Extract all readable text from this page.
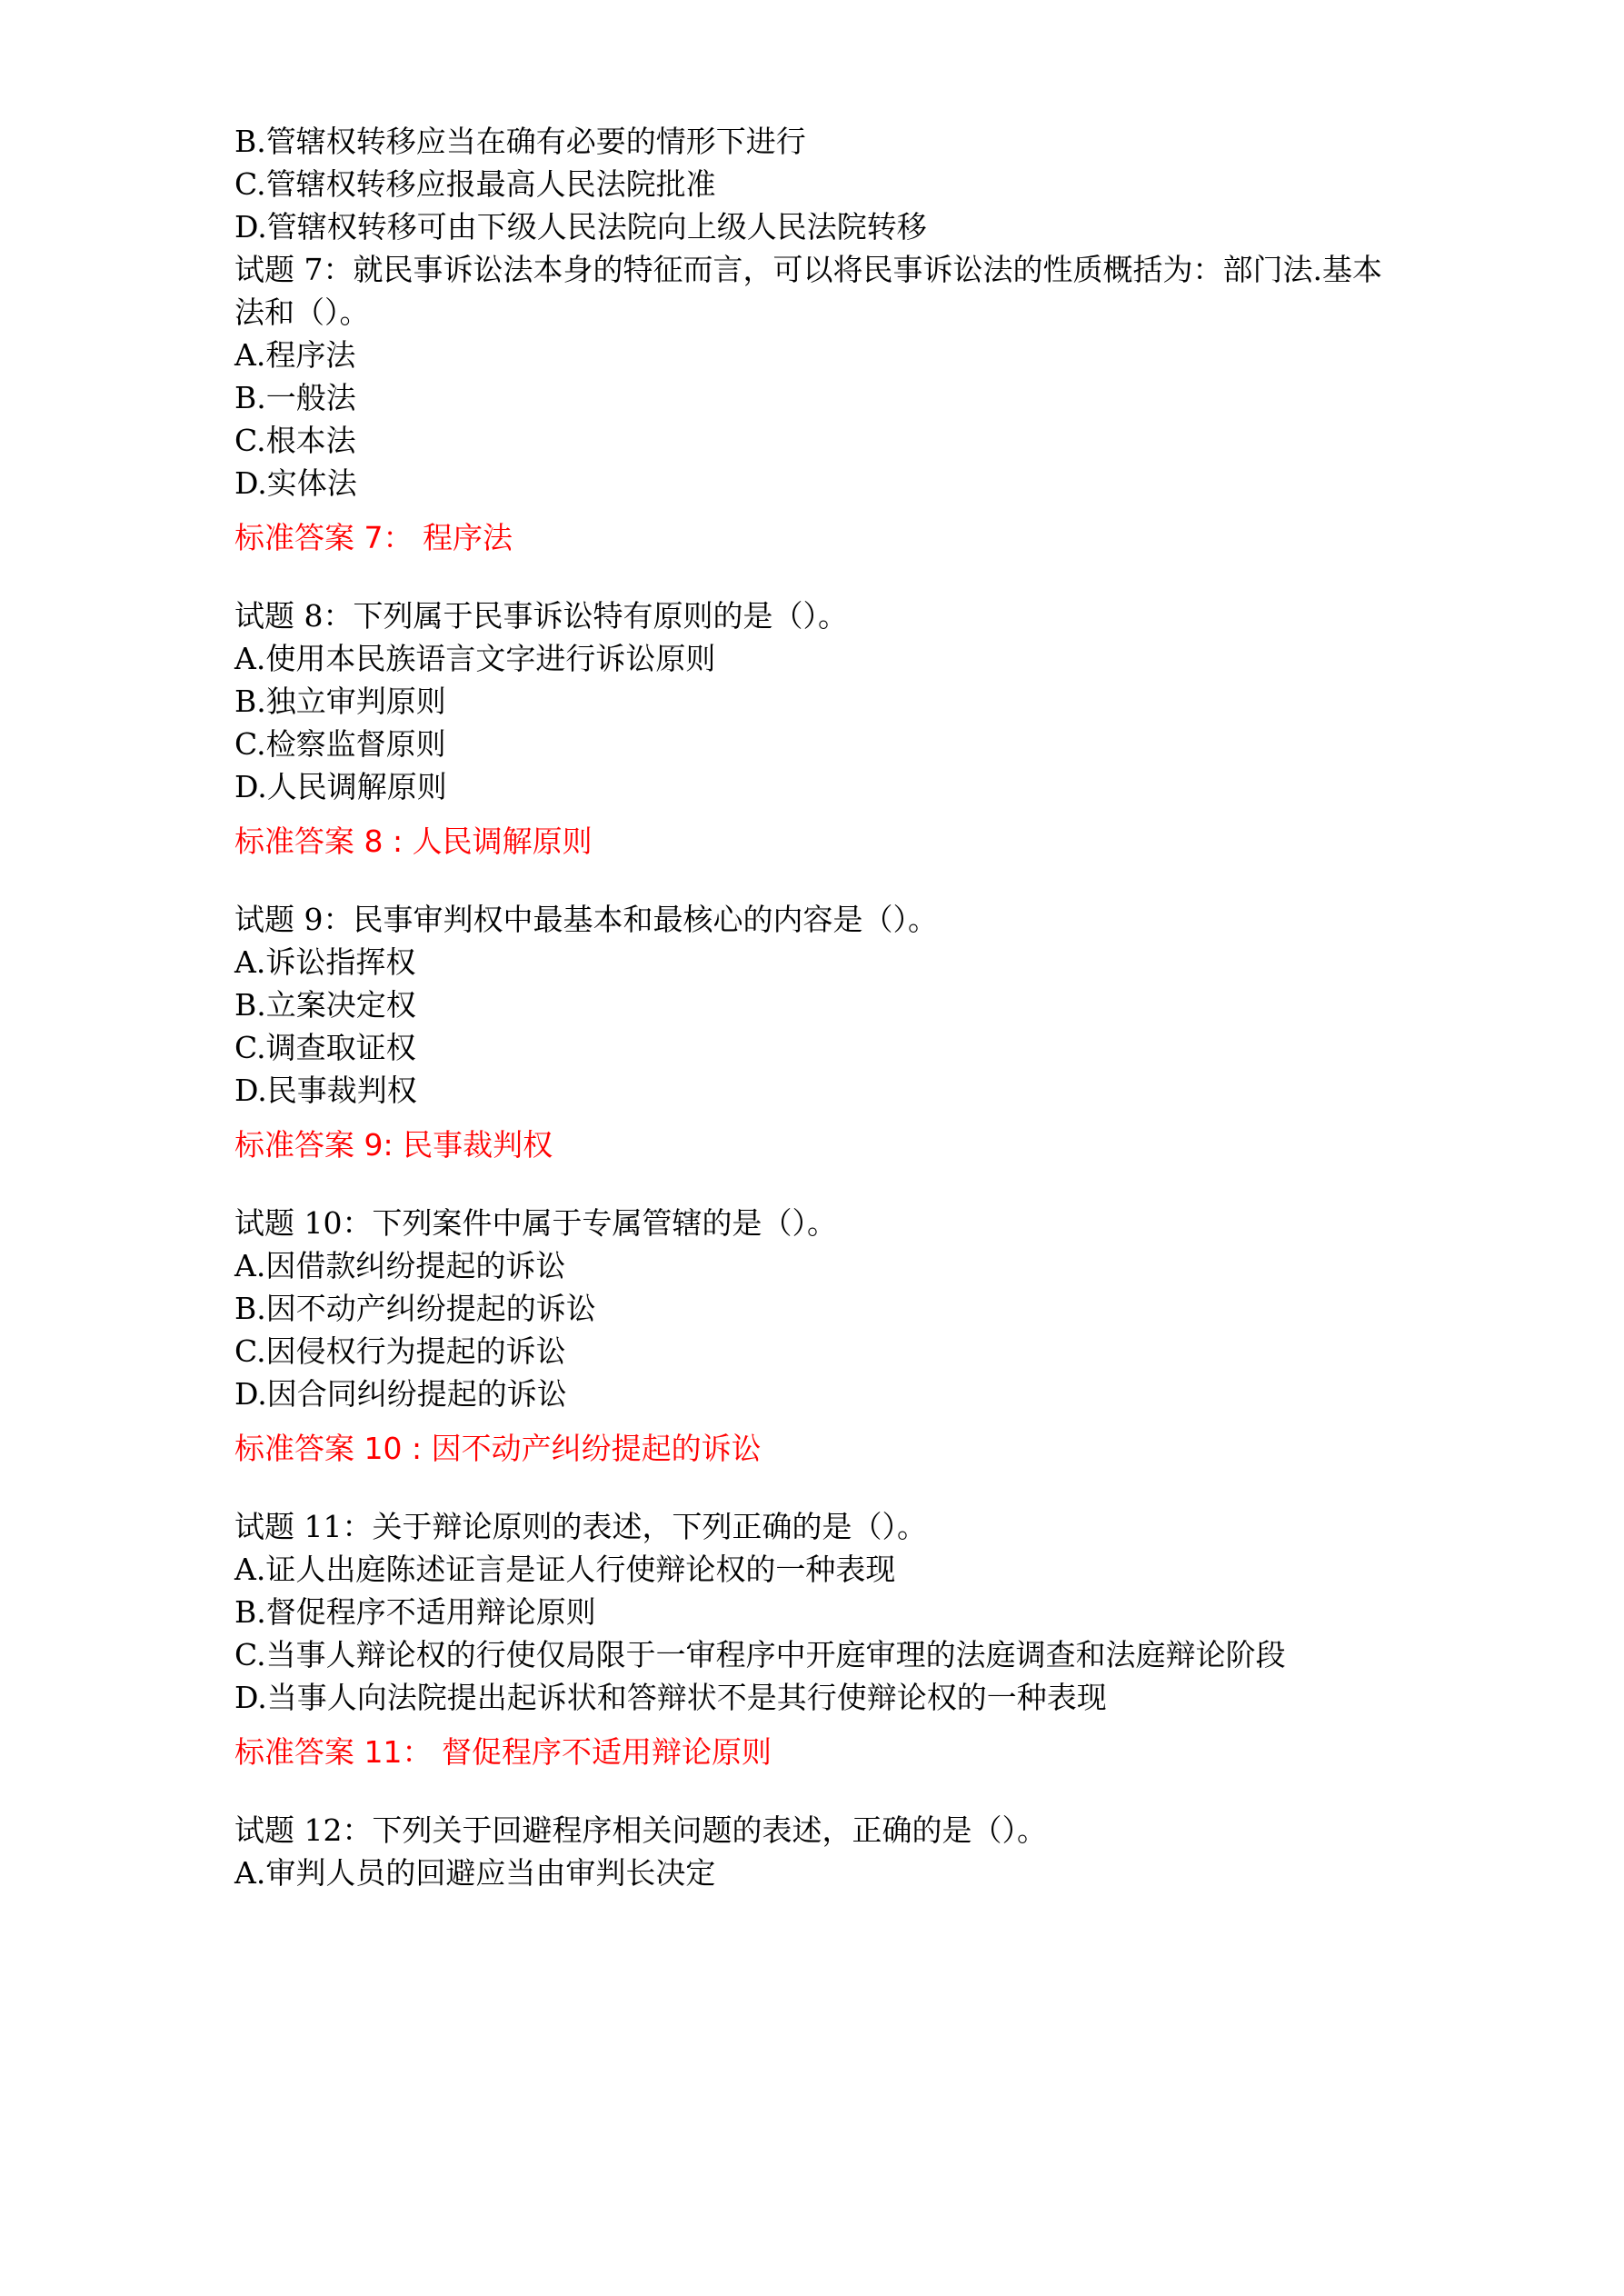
B.管辖权转移应当在确有必要的情形下进行
C.管辖权转移应报最高人民法院批准
D.管辖权转移可由下级人民法院向上级人民法院转移
试题 7：就民事诉讼法本身的特征而言，可以将民事诉讼法的性质概括为：部门法.基本法和（）。
A.程序法
B.一般法
C.根本法
D.实体法
标准答案 7： 程序法
试题 8：下列属于民事诉讼特有原则的是（）。
A.使用本民族语言文字进行诉讼原则
B.独立审判原则
C.检察监督原则
D.人民调解原则
标准答案 8 : 人民调解原则
试题 9：民事审判权中最基本和最核心的内容是（）。
A.诉讼指挥权
B.立案决定权
C.调查取证权
D.民事裁判权
标准答案 9: 民事裁判权
试题 10：下列案件中属于专属管辖的是（）。
A.因借款纠纷提起的诉讼
B.因不动产纠纷提起的诉讼
C.因侵权行为提起的诉讼
D.因合同纠纷提起的诉讼
标准答案 10 : 因不动产纠纷提起的诉讼
试题 11：关于辩论原则的表述，下列正确的是（）。
A.证人出庭陈述证言是证人行使辩论权的一种表现
B.督促程序不适用辩论原则
C.当事人辩论权的行使仅局限于一审程序中开庭审理的法庭调查和法庭辩论阶段
D.当事人向法院提出起诉状和答辩状不是其行使辩论权的一种表现
标准答案 11： 督促程序不适用辩论原则
试题 12：下列关于回避程序相关问题的表述，正确的是（）。
A.审判人员的回避应当由审判长决定
